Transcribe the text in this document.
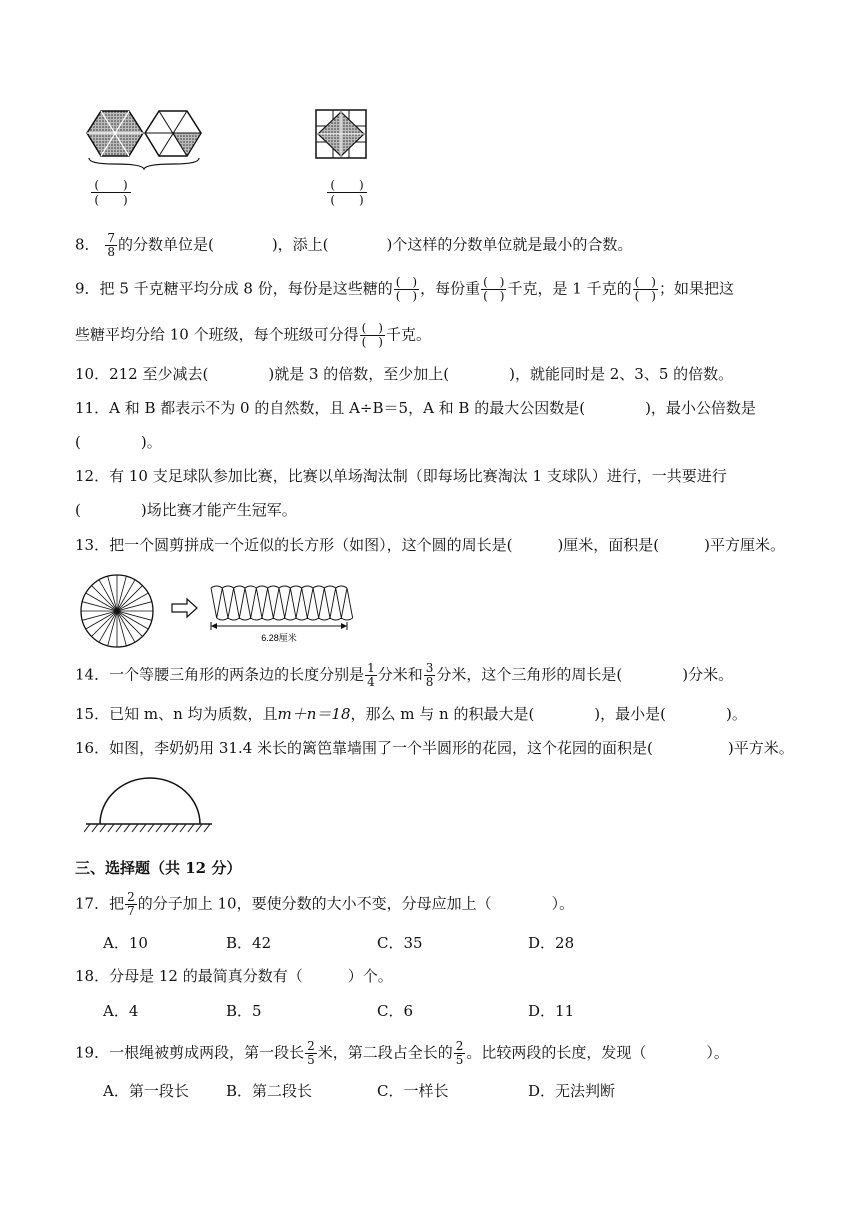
(　　)
(　　)
(　　)
(　　)
8． $\frac{7}{8}$ 的分数单位是(	)，添上(	)个这样的分数单位就是最小的合数。
9．把 5 千克糖平均分成 8 份，每份是这些糖的 $\frac{( )}{( )}$ ，每份重 $\frac{( )}{( )}$ 千克，是 1 千克的 $\frac{( )}{( )}$ ；如果把这
些糖平均分给 10 个班级，每个班级可分得 $\frac{( )}{( )}$ 千克。
10．212 至少减去(　　　　)就是 3 的倍数，至少加上(　　　　)，就能同时是 2、3、5 的倍数。
11．A 和 B 都表示不为 0 的自然数，且 A÷B＝5，A 和 B 的最大公因数是(　　　　)，最小公倍数是
(　　　　)。
12．有 10 支足球队参加比赛，比赛以单场淘汰制（即每场比赛淘汰 1 支球队）进行，一共要进行
(　　　　)场比赛才能产生冠军。
13．把一个圆剪拼成一个近似的长方形（如图），这个圆的周长是(　　　)厘米，面积是(　　　)平方厘米。
6.28厘米
14．一个等腰三角形的两条边的长度分别是 $\frac{1}{4}$ 分米和 $\frac{3}{8}$ 分米，这个三角形的周长是(　　　　)分米。
15．已知 m、n 均为质数，且m＋n＝18，那么 m 与 n 的积最大是(　　　　)，最小是(　　　　)。
16．如图，李奶奶用 31.4 米长的篱笆靠墙围了一个半圆形的花园，这个花园的面积是(　　　　　)平方米。
三、选择题（共 12 分）
17．把 $\frac{2}{7}$ 的分子加上 10，要使分数的大小不变，分母应加上（　　　　）。
A．10	B．42	C．35	D．28
18．分母是 12 的最简真分数有（　　　）个。
A．4	B．5	C．6	D．11
19．一根绳被剪成两段，第一段长 $\frac{2}{5}$ 米，第二段占全长的 $\frac{2}{5}$ 。比较两段的长度，发现（　　　　）。
A．第一段长 B．第二段长	C．一样长	D．无法判断
